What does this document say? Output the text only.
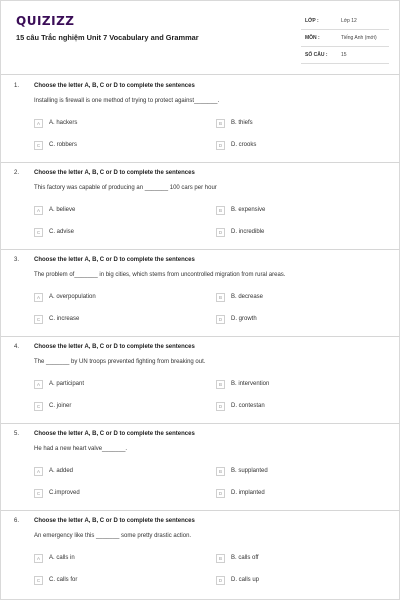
QUIZIZZ
15 câu Trắc nghiệm Unit 7 Vocabulary and Grammar
LỚP :	Lớp 12
MÔN :	Tiếng Anh (mới)
SỐ CÂU :	15
1. Choose the letter A, B, C or D to complete the sentences
Installing is firewall is one method of trying to protect against_______.
A	A. hackers	B	B. thiefs
C	C. robbers	D	D. crooks
2. Choose the letter A, B, C or D to complete the sentences
This factory was capable of producing an _______ 100 cars per hour
A	A. believe	B	B. expensive
C	C. advise	D	D. incredible
3. Choose the letter A, B, C or D to complete the sentences
The problem of_______ in big cities, which stems from uncontrolled migration from rural areas.
A	A. overpopulation	B	B. decrease
C	C. increase	D	D. growth
4. Choose the letter A, B, C or D to complete the sentences
The _______ by UN troops prevented fighting from breaking out.
A	A. participant	B	B. intervention
C	C. joiner	D	D. contestan
5. Choose the letter A, B, C or D to complete the sentences
He had a new heart valve_______.
A	A. added	B	B. supplanted
C	C.improved	D	D. implanted
6. Choose the letter A, B, C or D to complete the sentences
An emergency like this _______ some pretty drastic action.
A	A. calls in	B	B. calls off
C	C. calls for	D	D. calls up
